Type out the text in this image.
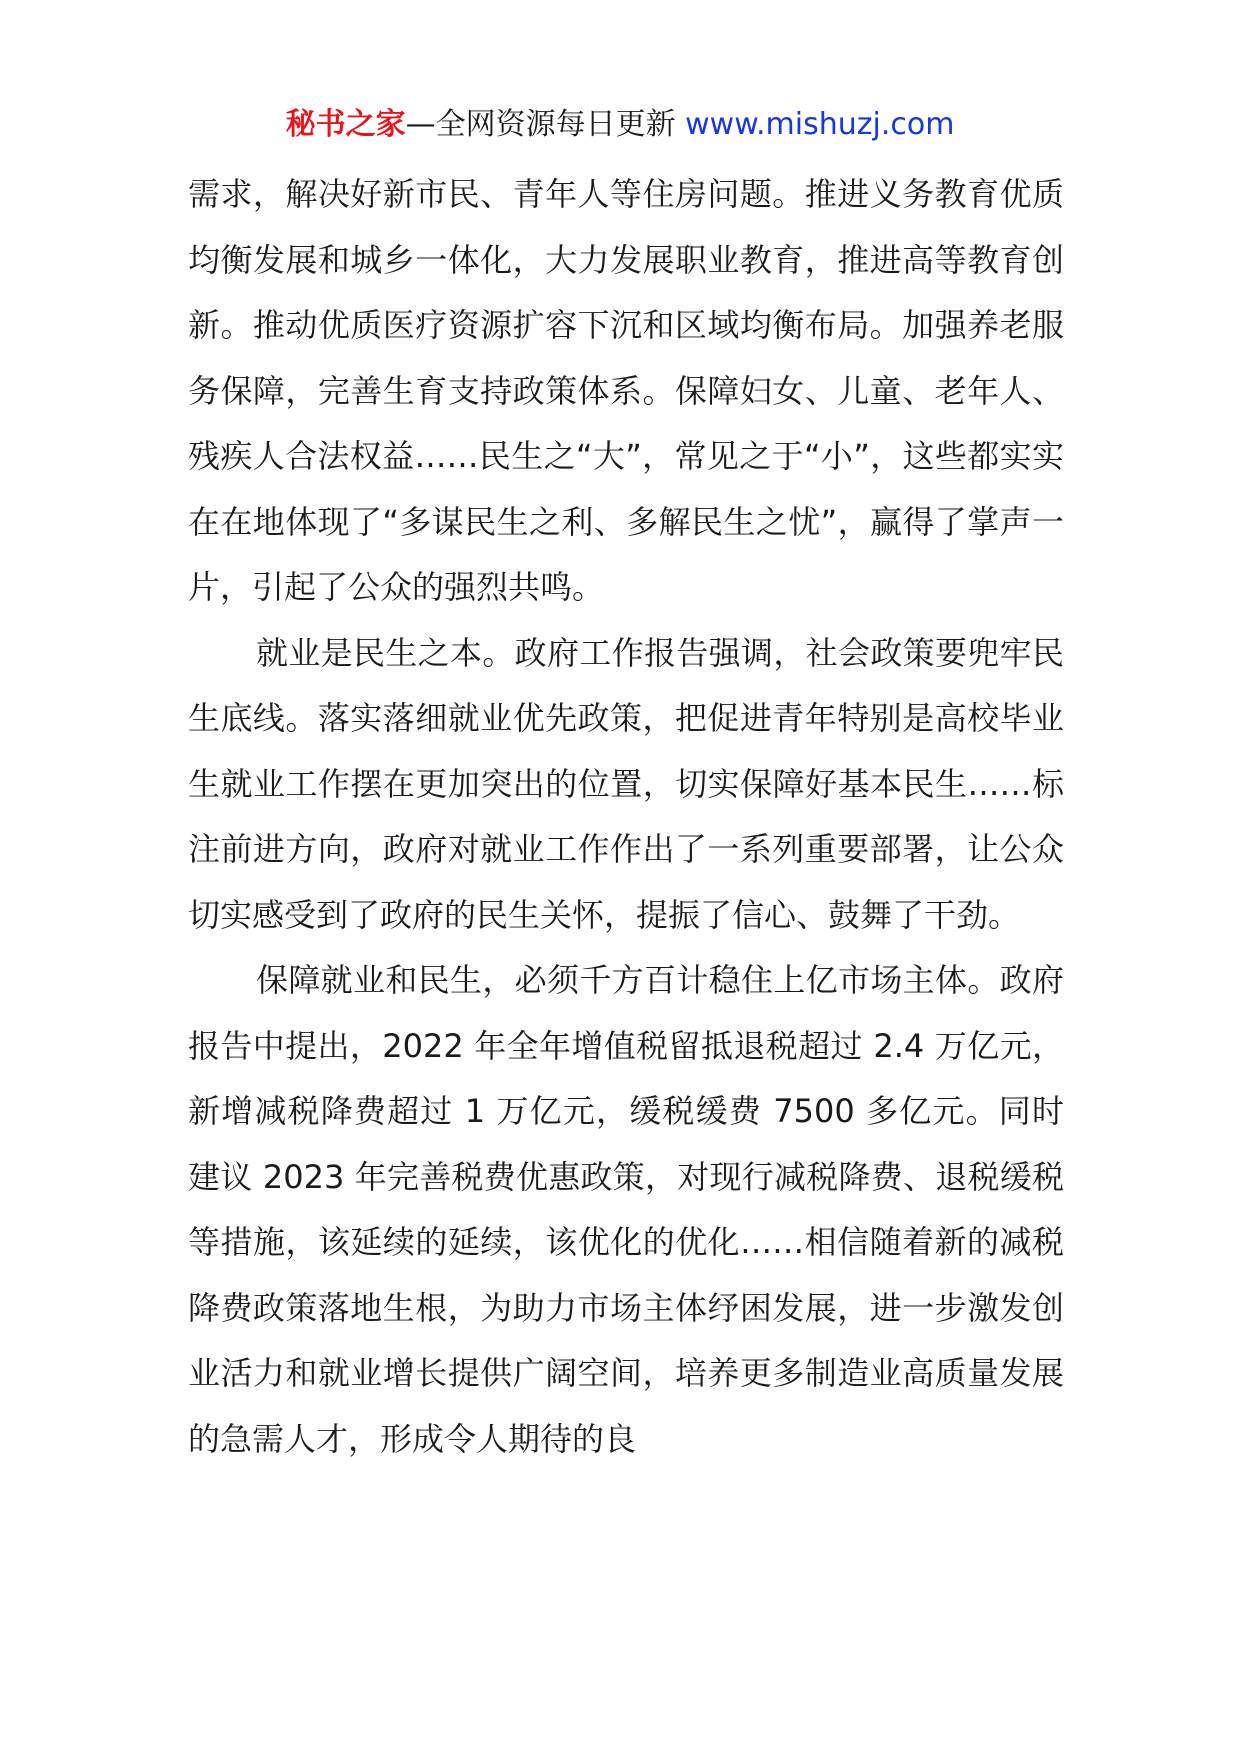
秘书之家—全网资源每日更新 www.mishuzj.com

需求，解决好新市民、青年人等住房问题。推进义务教育优质均衡发展和城乡一体化，大力发展职业教育，推进高等教育创新。推动优质医疗资源扩容下沉和区域均衡布局。加强养老服务保障，完善生育支持政策体系。保障妇女、儿童、老年人、残疾人合法权益……民生之“大”，常见之于“小”，这些都实实在在地体现了“多谋民生之利、多解民生之忧”，赢得了掌声一片，引起了公众的强烈共鸣。

就业是民生之本。政府工作报告强调，社会政策要兜牢民生底线。落实落细就业优先政策，把促进青年特别是高校毕业生就业工作摆在更加突出的位置，切实保障好基本民生……标注前进方向，政府对就业工作作出了一系列重要部署，让公众切实感受到了政府的民生关怀，提振了信心、鼓舞了干劲。

保障就业和民生，必须千方百计稳住上亿市场主体。政府报告中提出，2022 年全年增值税留抵退税超过 2.4 万亿元，新增减税降费超过 1 万亿元，缓税缓费 7500 多亿元。同时建议 2023 年完善税费优惠政策，对现行减税降费、退税缓税等措施，该延续的延续，该优化的优化……相信随着新的减税降费政策落地生根，为助力市场主体纾困发展，进一步激发创业活力和就业增长提供广阔空间，培养更多制造业高质量发展的急需人才，形成令人期待的良
